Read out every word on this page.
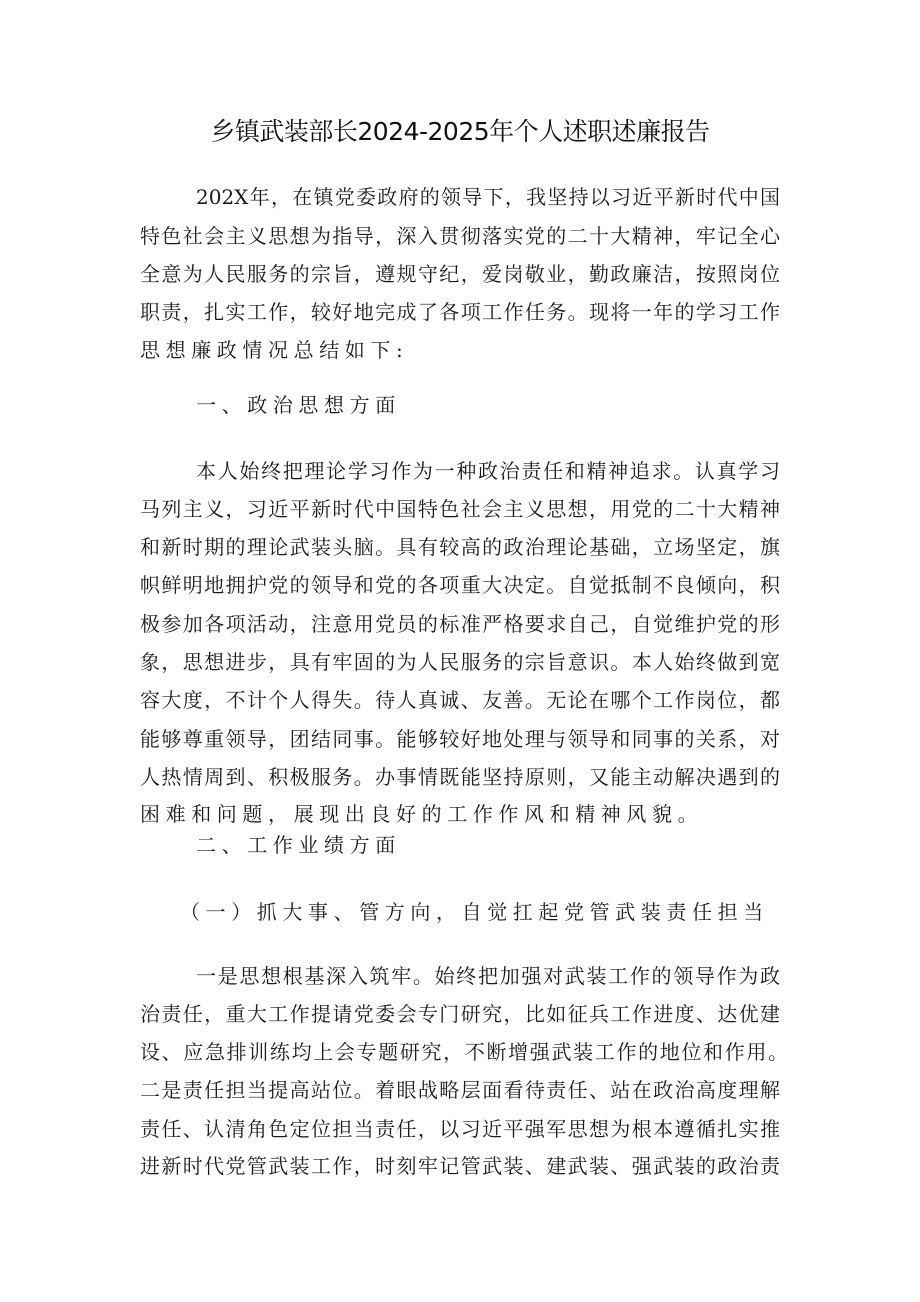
乡镇武装部长2024-2025年个人述职述廉报告
202X年，在镇党委政府的领导下，我坚持以习近平新时代中国
特色社会主义思想为指导，深入贯彻落实党的二十大精神，牢记全心
全意为人民服务的宗旨，遵规守纪，爱岗敬业，勤政廉洁，按照岗位
职责，扎实工作，较好地完成了各项工作任务。现将一年的学习工作
思想廉政情况总结如下:
一、政治思想方面
本人始终把理论学习作为一种政治责任和精神追求。认真学习
马列主义，习近平新时代中国特色社会主义思想，用党的二十大精神
和新时期的理论武装头脑。具有较高的政治理论基础，立场坚定，旗
帜鲜明地拥护党的领导和党的各项重大决定。自觉抵制不良倾向，积
极参加各项活动，注意用党员的标准严格要求自己，自觉维护党的形
象，思想进步，具有牢固的为人民服务的宗旨意识。本人始终做到宽
容大度，不计个人得失。待人真诚、友善。无论在哪个工作岗位，都
能够尊重领导，团结同事。能够较好地处理与领导和同事的关系，对
人热情周到、积极服务。办事情既能坚持原则，又能主动解决遇到的
困难和问题，展现出良好的工作作风和精神风貌。
二、工作业绩方面
（一）抓大事、管方向，自觉扛起党管武装责任担当
一是思想根基深入筑牢。始终把加强对武装工作的领导作为政
治责任，重大工作提请党委会专门研究，比如征兵工作进度、达优建
设、应急排训练均上会专题研究，不断增强武装工作的地位和作用。
二是责任担当提高站位。着眼战略层面看待责任、站在政治高度理解
责任、认清角色定位担当责任，以习近平强军思想为根本遵循扎实推
进新时代党管武装工作，时刻牢记管武装、建武装、强武装的政治责
